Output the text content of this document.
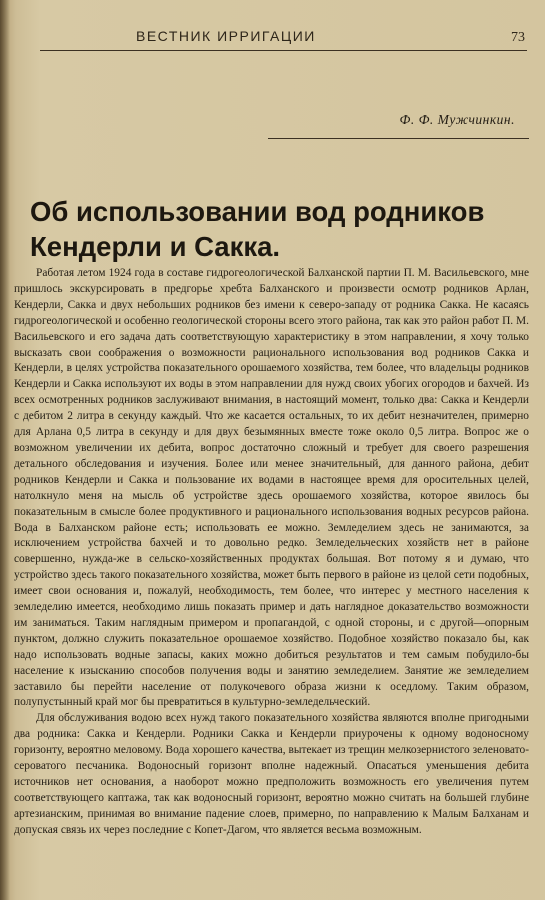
ВЕСТНИК ИРРИГАЦИИ	73
Ф. Ф. Мужчинкин.
Об использовании вод родников Кендерли и Сакка.

Работая летом 1924 года в составе гидрогеологической Балханской партии П. М. Васильевского, мне пришлось экскурсировать в предгорье хребта Балханского и произвести осмотр родников Арлан, Кендерли, Сакка и двух небольших родников без имени к северо-западу от родника Сакка. Не касаясь гидрогеологической и особенно геологической стороны всего этого района, так как это район работ П. М. Васильевского и его задача дать соответствующую характеристику в этом направлении, я хочу только высказать свои соображения о возможности рационального использования вод родников Сакка и Кендерли, в целях устройства показательного орошаемого хозяйства, тем более, что владельцы родников Кендерли и Сакка используют их воды в этом направлении для нужд своих убогих огородов и бахчей. Из всех осмотренных родников заслуживают внимания, в настоящий момент, только два: Сакка и Кендерли с дебитом 2 литра в секунду каждый. Что же касается остальных, то их дебит незначителен, примерно для Арлана 0,5 литра в секунду и для двух безымянных вместе тоже около 0,5 литра. Вопрос же о возможном увеличении их дебита, вопрос достаточно сложный и требует для своего разрешения детального обследования и изучения. Более или менее значительный, для данного района, дебит родников Кендерли и Сакка и пользование их водами в настоящее время для оросительных целей, натолкнуло меня на мысль об устройстве здесь орошаемого хозяйства, которое явилось бы показательным в смысле более продуктивного и рационального использования водных ресурсов района. Вода в Балханском районе есть; использовать ее можно. Земледелием здесь не занимаются, за исключением устройства бахчей и то довольно редко. Земледельческих хозяйств нет в районе совершенно, нужда-же в сельско-хозяйственных продуктах большая. Вот потому я и думаю, что устройство здесь такого показательного хозяйства, может быть первого в районе из целой сети подобных, имеет свои основания и, пожалуй, необходимость, тем более, что интерес у местного населения к земледелию имеется, необходимо лишь показать пример и дать наглядное доказательство возможности им заниматься. Таким наглядным примером и пропагандой, с одной стороны, и с другой—опорным пунктом, должно служить показательное орошаемое хозяйство. Подобное хозяйство показало бы, как надо использовать водные запасы, каких можно добиться результатов и тем самым побудило-бы население к изысканию способов получения воды и занятию земледелием. Занятие же земледелием заставило бы перейти население от полукочевого образа жизни к оседлому. Таким образом, полупустынный край мог бы превратиться в культурно-земледельческий.

Для обслуживания водою всех нужд такого показательного хозяйства являются вполне пригодными два родника: Сакка и Кендерли. Родники Сакка и Кендерли приурочены к одному водоносному горизонту, вероятно меловому. Вода хорошего качества, вытекает из трещин мелкозернистого зеленовато-серoватого песчаника. Водоносный горизонт вполне надежный. Опасаться уменьшения дебита источников нет основания, а наоборот можно предположить возможность его увеличения путем соответствующего каптажа, так как водоносный горизонт, вероятно можно считать на большей глубине артезианским, принимая во внимание падение слоев, примерно, по направлению к Малым Балханам и допуская связь их через последние с Копет-Дагом, что является весьма возможным.
